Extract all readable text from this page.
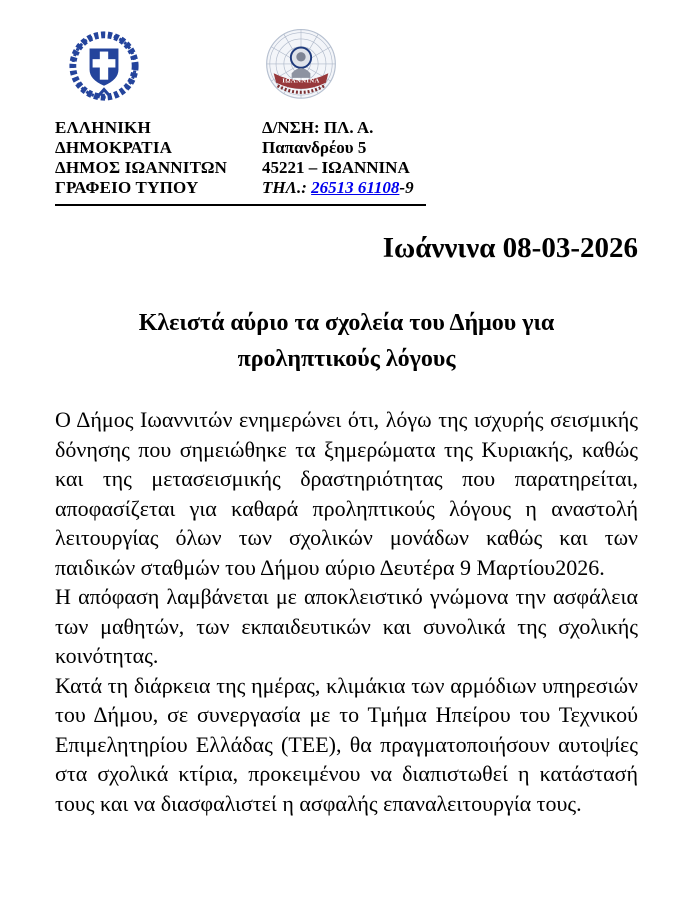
ΙΩΑΝΝΙΝΑ
ΕΛΛΗΝΙΚΗ
ΔΗΜΟΚΡΑΤΙΑ
ΔΗΜΟΣ ΙΩΑΝΝΙΤΩΝ
ΓΡΑΦΕΙΟ ΤΥΠΟΥ
Δ/ΝΣΗ: ΠΛ. Α.
Παπανδρέου 5
45221 – ΙΩΑΝΝΙΝΑ
ΤΗΛ.: 26513 61108-9
Ιωάννινα 08-03-2026
Κλειστά αύριο τα σχολεία του Δήμου για προληπτικούς λόγους

Ο Δήμος Ιωαννιτών ενημερώνει ότι, λόγω της ισχυρής σεισμικής δόνησης που σημειώθηκε τα ξημερώματα της Κυριακής, καθώς και της μετασεισμικής δραστηριότητας που παρατηρείται, αποφασίζεται για καθαρά προληπτικούς λόγους η αναστολή λειτουργίας όλων των σχολικών μονάδων καθώς και των παιδικών σταθμών του Δήμου αύριο Δευτέρα 9 Μαρτίου2026.

Η απόφαση λαμβάνεται με αποκλειστικό γνώμονα την ασφάλεια των μαθητών, των εκπαιδευτικών και συνολικά της σχολικής κοινότητας.

Κατά τη διάρκεια της ημέρας, κλιμάκια των αρμόδιων υπηρεσιών του Δήμου, σε συνεργασία με το Τμήμα Ηπείρου του Τεχνικού Επιμελητηρίου Ελλάδας (ΤΕΕ), θα πραγματοποιήσουν αυτοψίες στα σχολικά κτίρια, προκειμένου να διαπιστωθεί η κατάστασή τους και να διασφαλιστεί η ασφαλής επαναλειτουργία τους.
